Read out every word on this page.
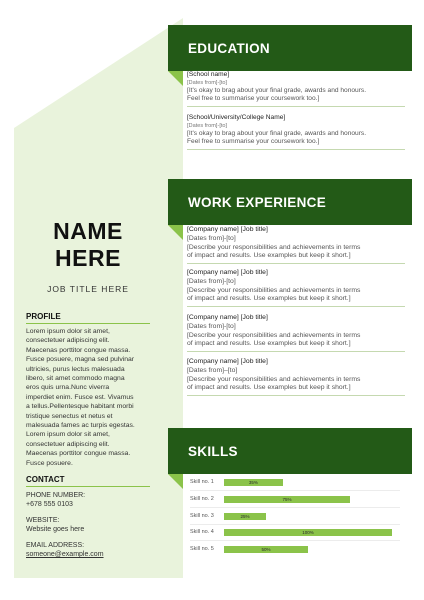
NAME
HERE
JOB TITLE HERE
PROFILE
Lorem ipsum dolor sit amet,
consectetuer adipiscing elit.
Maecenas porttitor congue massa.
Fusce posuere, magna sed pulvinar
ultricies, purus lectus malesuada
libero, sit amet commodo magna
eros quis urna.Nunc viverra
imperdiet enim. Fusce est. Vivamus
a tellus.Pellentesque habitant morbi
tristique senectus et netus et
malesuada fames ac turpis egestas.
Lorem ipsum dolor sit amet,
consectetuer adipiscing elit.
Maecenas porttitor congue massa.
Fusce posuere.
CONTACT
PHONE NUMBER:
+678 555 0103
WEBSITE:
Website goes here
EMAIL ADDRESS:
someone@example.com
EDUCATION
[School name]
[Dates from]-[to]
[It's okay to brag about your final grade, awards and honours.
Feel free to summarise your coursework too.]
[School/University/College Name]
[Dates from]-[to]
[It's okay to brag about your final grade, awards and honours.
Feel free to summarise your coursework too.]
WORK EXPERIENCE
[Company name] [Job title]
[Dates from]-[to]
[Describe your responsibilities and achievements in terms
of impact and results. Use examples but keep it short.]
[Company name] [Job title]
[Dates from]-[to]
[Describe your responsibilities and achievements in terms
of impact and results. Use examples but keep it short.]
[Company name] [Job title]
[Dates from]-[to]
[Describe your responsibilities and achievements in terms
of impact and results. Use examples but keep it short.]
[Company name] [Job title]
[Dates from]–[to]
[Describe your responsibilities and achievements in terms
of impact and results. Use examples but keep it short.]
SKILLS
Skill no. 1	35%
Skill no. 2	75%
Skill no. 3	25%
Skill no. 4	100%
Skill no. 5	50%
